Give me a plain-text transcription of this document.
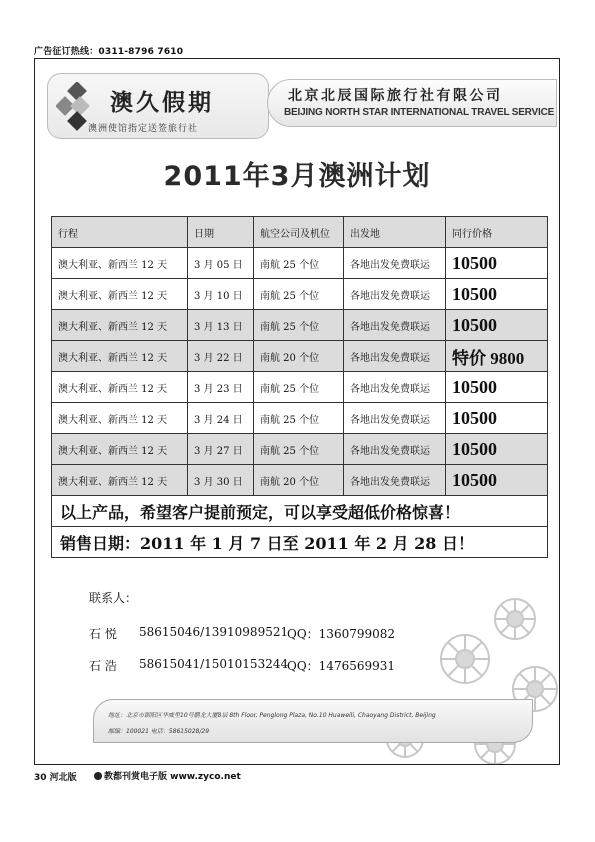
广告征订热线：0311-8796 7610
澳久假期
澳洲使馆指定送签旅行社
北京北辰国际旅行社有限公司
BEIJING NORTH STAR INTERNATIONAL TRAVEL SERVICE
2011年3月澳洲计划
行程	日期	航空公司及机位	出发地	同行价格
澳大利亚、新西兰 12 天	3 月 05 日	南航 25 个位	各地出发免费联运	10500
澳大利亚、新西兰 12 天	3 月 10 日	南航 25 个位	各地出发免费联运	10500
澳大利亚、新西兰 12 天	3 月 13 日	南航 25 个位	各地出发免费联运	10500
澳大利亚、新西兰 12 天	3 月 22 日	南航 20 个位	各地出发免费联运	特价 9800
澳大利亚、新西兰 12 天	3 月 23 日	南航 25 个位	各地出发免费联运	10500
澳大利亚、新西兰 12 天	3 月 24 日	南航 25 个位	各地出发免费联运	10500
澳大利亚、新西兰 12 天	3 月 27 日	南航 25 个位	各地出发免费联运	10500
澳大利亚、新西兰 12 天	3 月 30 日	南航 20 个位	各地出发免费联运	10500
以上产品，希望客户提前预定，可以享受超低价格惊喜！				
销售日期：2011 年 1 月 7 日至 2011 年 2 月 28 日！				
联系人：
石 悦 58615046/13910989521
QQ：1360799082
石 浩 58615041/15010153244
QQ：1476569931
地址：北京市朝阳区华威里10号鹏龙大厦8层 8th Floor, Penglong Plaza, No.10 Huaweili, Chaoyang District, Beijing
邮编：100021 电话：58615028/29
30 河北版	教都刊赏电子版 www.zyco.net
